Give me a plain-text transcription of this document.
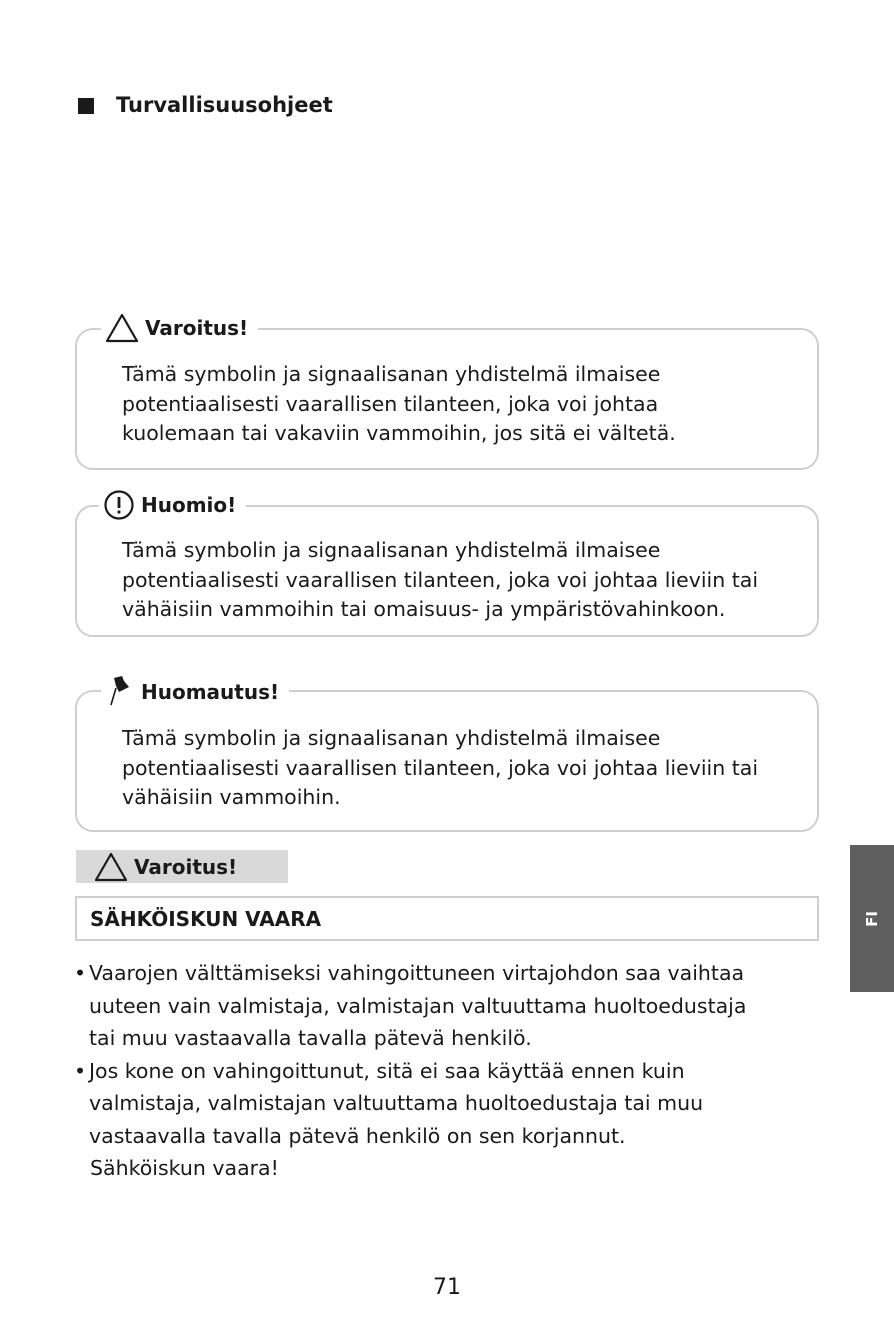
Turvallisuusohjeet
Varoitus!
Tämä symbolin ja signaalisanan yhdistelmä ilmaisee
potentiaalisesti vaarallisen tilanteen, joka voi johtaa
kuolemaan tai vakaviin vammoihin, jos sitä ei vältetä.
Huomio!
Tämä symbolin ja signaalisanan yhdistelmä ilmaisee
potentiaalisesti vaarallisen tilanteen, joka voi johtaa lieviin tai
vähäisiin vammoihin tai omaisuus- ja ympäristövahinkoon.
Huomautus!
Tämä symbolin ja signaalisanan yhdistelmä ilmaisee
potentiaalisesti vaarallisen tilanteen, joka voi johtaa lieviin tai
vähäisiin vammoihin.
Varoitus!
SÄHKÖISKUN VAARA
• Vaarojen välttämiseksi vahingoittuneen virtajohdon saa vaihtaa
uuteen vain valmistaja, valmistajan valtuuttama huoltoedustaja
tai muu vastaavalla tavalla pätevä henkilö.
• Jos kone on vahingoittunut, sitä ei saa käyttää ennen kuin
valmistaja, valmistajan valtuuttama huoltoedustaja tai muu
vastaavalla tavalla pätevä henkilö on sen korjannut.
Sähköiskun vaara!
FI
71
